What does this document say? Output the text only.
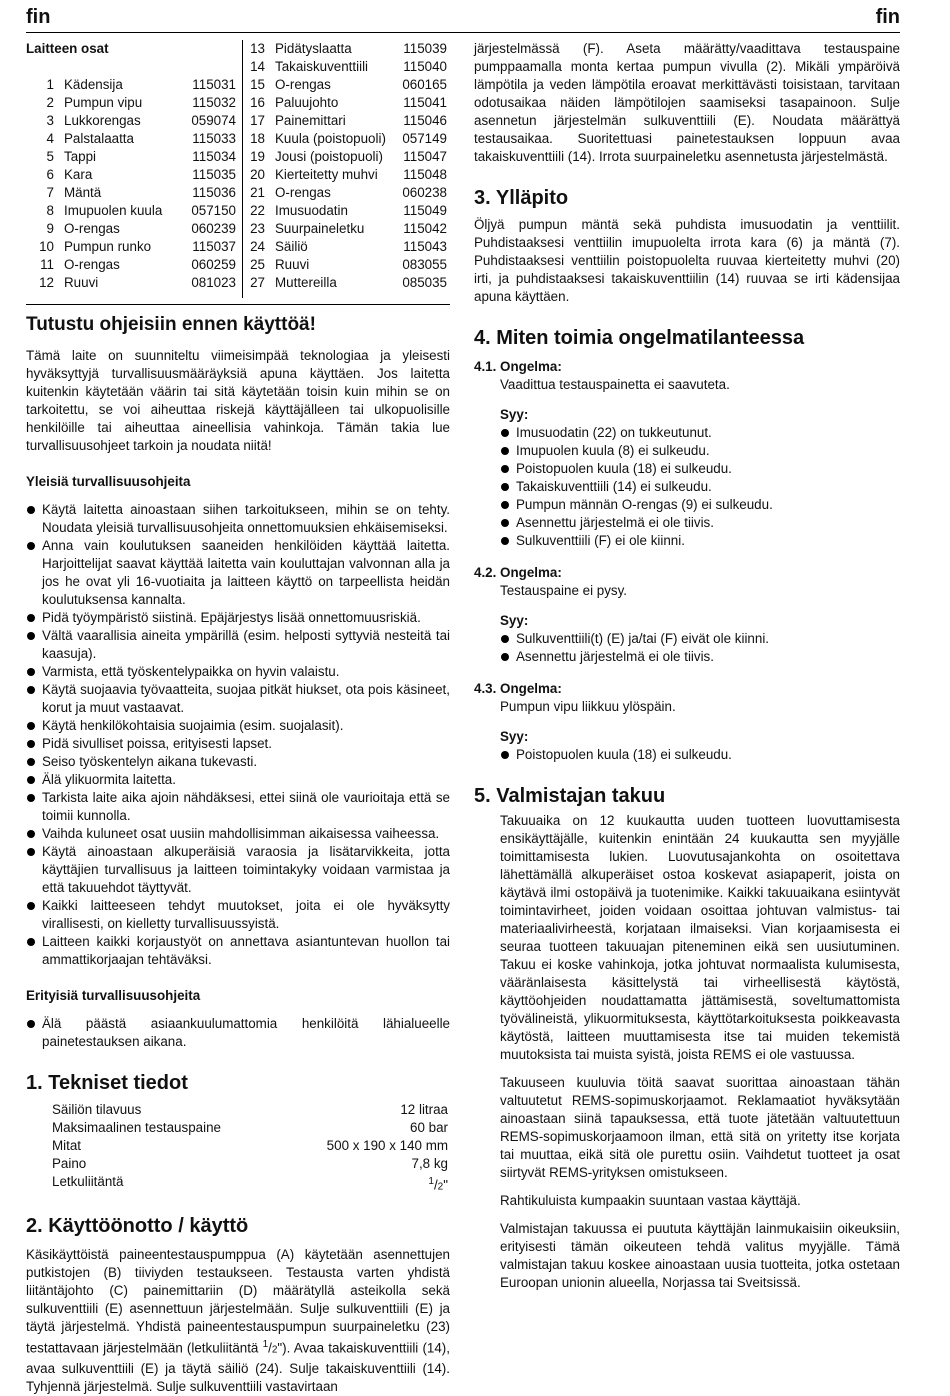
fin	fin
Laitteen osat
1 Kädensija	115031
2 Pumpun vipu	115032
3 Lukkorengas	059074
4 Palstalaatta	115033
5 Tappi	115034
6 Kara	115035
7 Mäntä	115036
8 Imupuolen kuula	057150
9 O-rengas	060239
10 Pumpun runko	115037
11 O-rengas	060259
12 Ruuvi	081023
13 Pidätyslaatta	115039
14 Takaiskuventtiili	115040
15 O-rengas	060165
16 Paluujohto	115041
17 Painemittari	115046
18 Kuula (poistopuoli)	057149
19 Jousi (poistopuoli)	115047
20 Kierteitetty muhvi	115048
21 O-rengas	060238
22 Imusuodatin	115049
23 Suurpaineletku	115042
24 Säiliö	115043
25 Ruuvi	083055
27 Muttereilla	085035

Tutustu ohjeisiin ennen käyttöä!

Tämä laite on suunniteltu viimeisimpää teknologiaa ja yleisesti hyväksyttyjä turvallisuusmääräyksiä apuna käyttäen. Jos laitetta kuitenkin käytetään väärin tai sitä käytetään toisin kuin mihin se on tarkoitettu, se voi aiheuttaa riskejä käyttäjälleen tai ulkopuolisille henkilöille tai aiheuttaa aineellisia vahinkoja. Tämän takia lue turvallisuusohjeet tarkoin ja noudata niitä!

Yleisiä turvallisuusohjeita

Käytä laitetta ainoastaan siihen tarkoitukseen, mihin se on tehty. Noudata yleisiä turvallisuusohjeita onnettomuuksien ehkäisemiseksi.
Anna vain koulutuksen saaneiden henkilöiden käyttää laitetta. Harjoittelijat saavat käyttää laitetta vain kouluttajan valvonnan alla ja jos he ovat yli 16-vuotiaita ja laitteen käyttö on tarpeellista heidän koulutuksensa kannalta.
Pidä työympäristö siistinä. Epäjärjestys lisää onnettomuusriskiä.
Vältä vaarallisia aineita ympärillä (esim. helposti syttyviä nesteitä tai kaasuja).
Varmista, että työskentelypaikka on hyvin valaistu.
Käytä suojaavia työvaatteita, suojaa pitkät hiukset, ota pois käsineet, korut ja muut vastaavat.
Käytä henkilökohtaisia suojaimia (esim. suojalasit).
Pidä sivulliset poissa, erityisesti lapset.
Seiso työskentelyn aikana tukevasti.
Älä ylikuormita laitetta.
Tarkista laite aika ajoin nähdäksesi, ettei siinä ole vaurioitaja että se toimii kunnolla.
Vaihda kuluneet osat uusiin mahdollisimman aikaisessa vaiheessa.
Käytä ainoastaan alkuperäisiä varaosia ja lisätarvikkeita, jotta käyttäjien turvallisuus ja laitteen toimintakyky voidaan varmistaa ja että takuuehdot täyttyvät.
Kaikki laitteeseen tehdyt muutokset, joita ei ole hyväksytty virallisesti, on kielletty turvallisuussyistä.
Laitteen kaikki korjaustyöt on annettava asiantuntevan huollon tai ammattikorjaajan tehtäväksi.

Erityisiä turvallisuusohjeita

Älä päästä asiaankuulumattomia henkilöitä lähialueelle painetestauksen aikana.

1. Tekniset tiedot

Säiliön tilavuus	12 litraa
Maksimaalinen testauspaine	60 bar
Mitat	500 x 190 x 140 mm
Paino	7,8 kg
Letkuliitäntä	$^1$/2"

2. Käyttöönotto / käyttö

Käsikäyttöistä paineentestauspumppua (A) käytetään asennettujen putkistojen (B) tiiviyden testaukseen. Testausta varten yhdistä liitäntäjohto (C) painemittariin (D) määrätyllä asteikolla sekä sulkuventtiili (E) asennettuun järjestelmään. Sulje sulkuventtiili (E) ja täytä järjestelmä. Yhdistä paineentestauspumpun suurpaineletku (23) testattavaan järjestelmään (letkuliitäntä $^1$/2"). Avaa takaiskuventtiili (14), avaa sulkuventtiili (E) ja täytä säiliö (24). Sulje takaiskuventtiili (14). Tyhjennä järjestelmä. Sulje sulkuventtiili vastavirtaan

järjestelmässä (F). Aseta määrätty/vaadittava testauspaine pumppaamalla monta kertaa pumpun vivulla (2). Mikäli ympäröivä lämpötila ja veden lämpötila eroavat merkittävästi toisistaan, tarvitaan odotusaikaa näiden lämpötilojen saamiseksi tasapainoon. Sulje asennetun järjestelmän sulkuventtiili (E). Noudata määrättyä testausaikaa. Suoritettuasi painetestauksen loppuun avaa takaiskuventtiili (14). Irrota suurpaineletku asennetusta järjestelmästä.

3. Ylläpito

Öljyä pumpun mäntä sekä puhdista imusuodatin ja venttiilit. Puhdistaaksesi venttiilin imupuolelta irrota kara (6) ja mäntä (7). Puhdistaaksesi venttiilin poistopuolelta ruuvaa kierteitetty muhvi (20) irti, ja puhdistaaksesi takaiskuventtiilin (14) ruuvaa se irti kädensijaa apuna käyttäen.

4. Miten toimia ongelmatilanteessa

4.1. Ongelma:

Vaadittua testauspainetta ei saavuteta.

Syy:

Imusuodatin (22) on tukkeutunut.
Imupuolen kuula (8) ei sulkeudu.
Poistopuolen kuula (18) ei sulkeudu.
Takaiskuventtiili (14) ei sulkeudu.
Pumpun männän O-rengas (9) ei sulkeudu.
Asennettu järjestelmä ei ole tiivis.
Sulkuventtiili (F) ei ole kiinni.

4.2. Ongelma:

Testauspaine ei pysy.

Syy:

Sulkuventtiili(t) (E) ja/tai (F) eivät ole kiinni.
Asennettu järjestelmä ei ole tiivis.

4.3. Ongelma:

Pumpun vipu liikkuu ylöspäin.

Syy:

Poistopuolen kuula (18) ei sulkeudu.

5. Valmistajan takuu

Takuuaika on 12 kuukautta uuden tuotteen luovuttamisesta ensikäyttäjälle, kuitenkin enintään 24 kuukautta sen myyjälle toimittamisesta lukien. Luovutusajankohta on osoitettava lähettämällä alkuperäiset ostoa koskevat asiapaperit, joista on käytävä ilmi ostopäivä ja tuotenimike. Kaikki takuuaikana esiintyvät toimintavirheet, joiden voidaan osoittaa johtuvan valmistus- tai materiaalivirheestä, korjataan ilmaiseksi. Vian korjaamisesta ei seuraa tuotteen takuuajan piteneminen eikä sen uusiutuminen. Takuu ei koske vahinkoja, jotka johtuvat normaalista kulumisesta, vääränlaisesta käsittelystä tai virheellisestä käytöstä, käyttöohjeiden noudattamatta jättämisestä, soveltumattomista työvälineistä, ylikuormituksesta, käyttötarkoituksesta poikkeavasta käytöstä, laitteen muuttamisesta itse tai muiden tekemistä muutoksista tai muista syistä, joista REMS ei ole vastuussa.

Takuuseen kuuluvia töitä saavat suorittaa ainoastaan tähän valtuutetut REMS-sopimuskorjaamot. Reklamaatiot hyväksytään ainoastaan siinä tapauksessa, että tuote jätetään valtuutettuun REMS-sopimuskorjaamoon ilman, että sitä on yritetty itse korjata tai muuttaa, eikä sitä ole purettu osiin. Vaihdetut tuotteet ja osat siirtyvät REMS-yrityksen omistukseen.

Rahtikuluista kumpaakin suuntaan vastaa käyttäjä.

Valmistajan takuussa ei puututa käyttäjän lainmukaisiin oikeuksiin, erityisesti tämän oikeuteen tehdä valitus myyjälle. Tämä valmistajan takuu koskee ainoastaan uusia tuotteita, jotka ostetaan Euroopan unionin alueella, Norjassa tai Sveitsissä.
